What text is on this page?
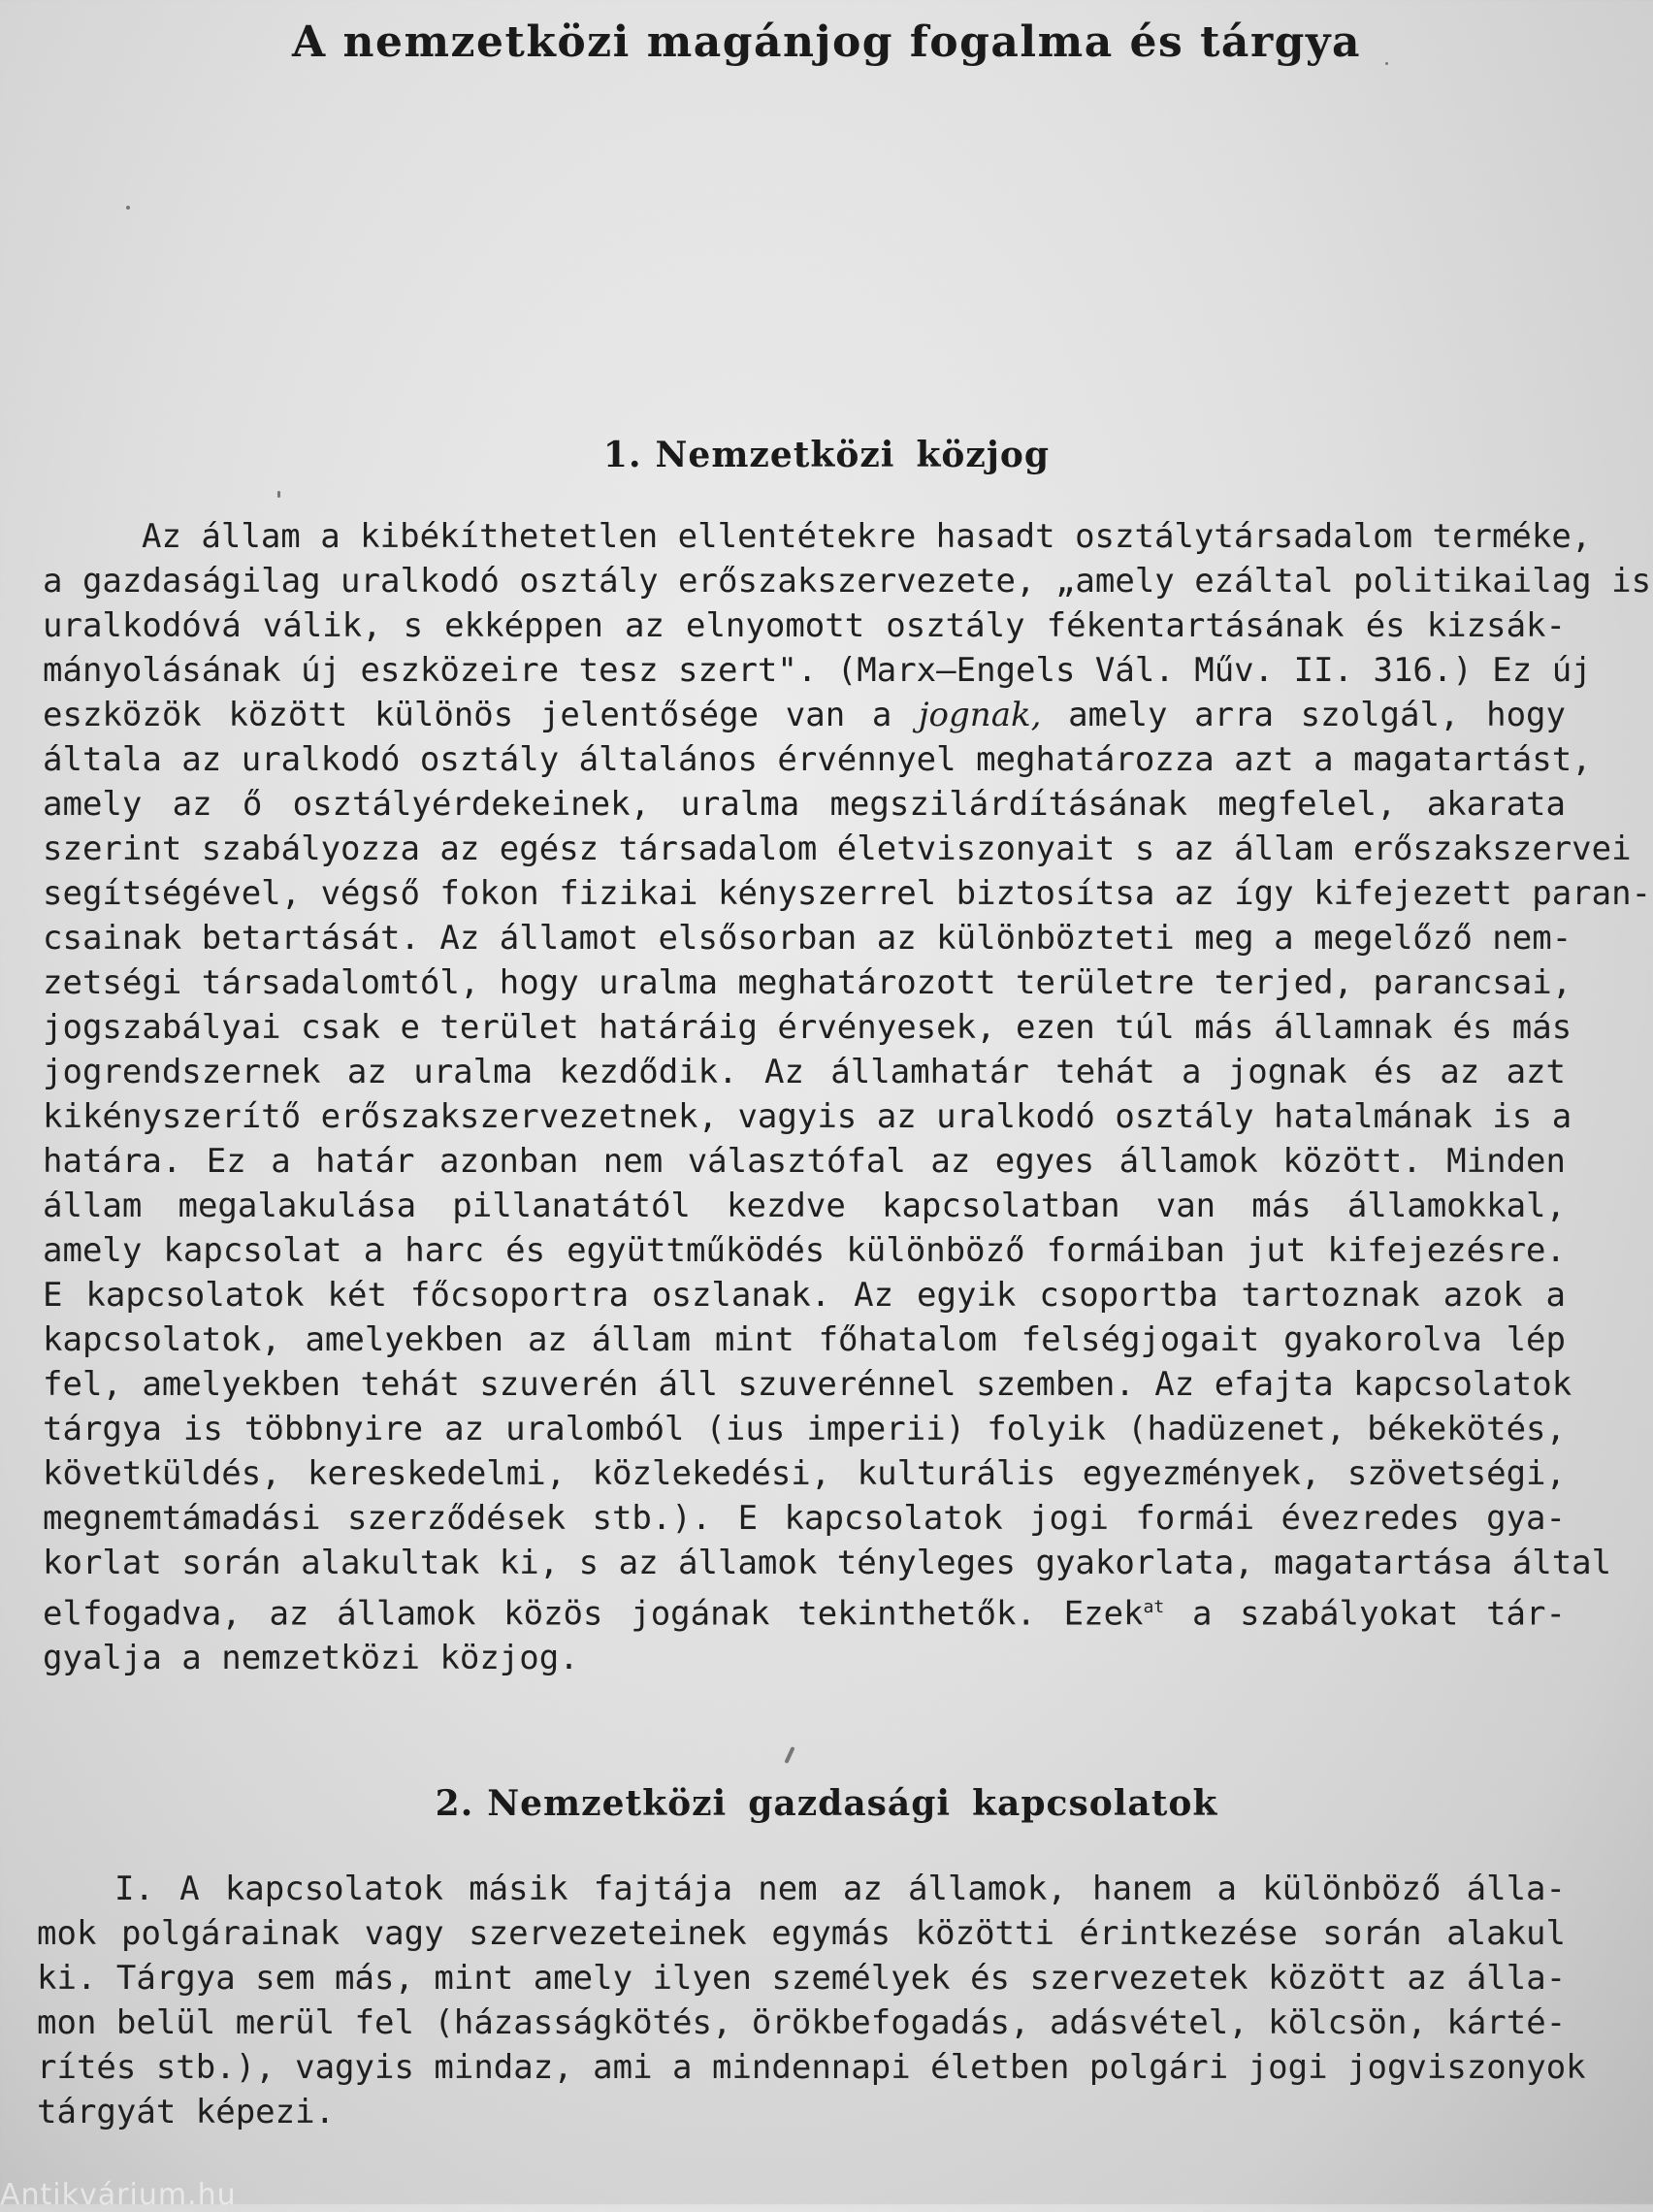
A nemzetközi magánjog fogalma és tárgya
1. Nemzetközi közjog
Az állam a kibékíthetetlen ellentétekre hasadt osztálytársadalom terméke,
a gazdaságilag uralkodó osztály erőszakszervezete, „amely ezáltal politikailag is
uralkodóvá válik, s ekképpen az elnyomott osztály fékentartásának és kizsák-
mányolásának új eszközeire tesz szert". (Marx—Engels Vál. Műv. II. 316.) Ez új
eszközök között különös jelentősége van a jognak, amely arra szolgál, hogy
általa az uralkodó osztály általános érvénnyel meghatározza azt a magatartást,
amely az ő osztályérdekeinek, uralma megszilárdításának megfelel, akarata
szerint szabályozza az egész társadalom életviszonyait s az állam erőszakszervei
segítségével, végső fokon fizikai kényszerrel biztosítsa az így kifejezett paran-
csainak betartását. Az államot elsősorban az különbözteti meg a megelőző nem-
zetségi társadalomtól, hogy uralma meghatározott területre terjed, parancsai,
jogszabályai csak e terület határáig érvényesek, ezen túl más államnak és más
jogrendszernek az uralma kezdődik. Az államhatár tehát a jognak és az azt
kikényszerítő erőszakszervezetnek, vagyis az uralkodó osztály hatalmának is a
határa. Ez a határ azonban nem választófal az egyes államok között. Minden
állam megalakulása pillanatától kezdve kapcsolatban van más államokkal,
amely kapcsolat a harc és együttműködés különböző formáiban jut kifejezésre.
E kapcsolatok két főcsoportra oszlanak. Az egyik csoportba tartoznak azok a
kapcsolatok, amelyekben az állam mint főhatalom felségjogait gyakorolva lép
fel, amelyekben tehát szuverén áll szuverénnel szemben. Az efajta kapcsolatok
tárgya is többnyire az uralomból (ius imperii) folyik (hadüzenet, békekötés,
követküldés, kereskedelmi, közlekedési, kulturális egyezmények, szövetségi,
megnemtámadási szerződések stb.). E kapcsolatok jogi formái évezredes gya-
korlat során alakultak ki, s az államok tényleges gyakorlata, magatartása által
elfogadva, az államok közös jogának tekinthetők. Ezek$^{at}$ a szabályokat tár-
gyalja a nemzetközi közjog.
2. Nemzetközi gazdasági kapcsolatok
I. A kapcsolatok másik fajtája nem az államok, hanem a különböző álla-
mok polgárainak vagy szervezeteinek egymás közötti érintkezése során alakul
ki. Tárgya sem más, mint amely ilyen személyek és szervezetek között az álla-
mon belül merül fel (házasságkötés, örökbefogadás, adásvétel, kölcsön, kárté-
rítés stb.), vagyis mindaz, ami a mindennapi életben polgári jogi jogviszonyok
tárgyát képezi.
Antikvárium.hu
